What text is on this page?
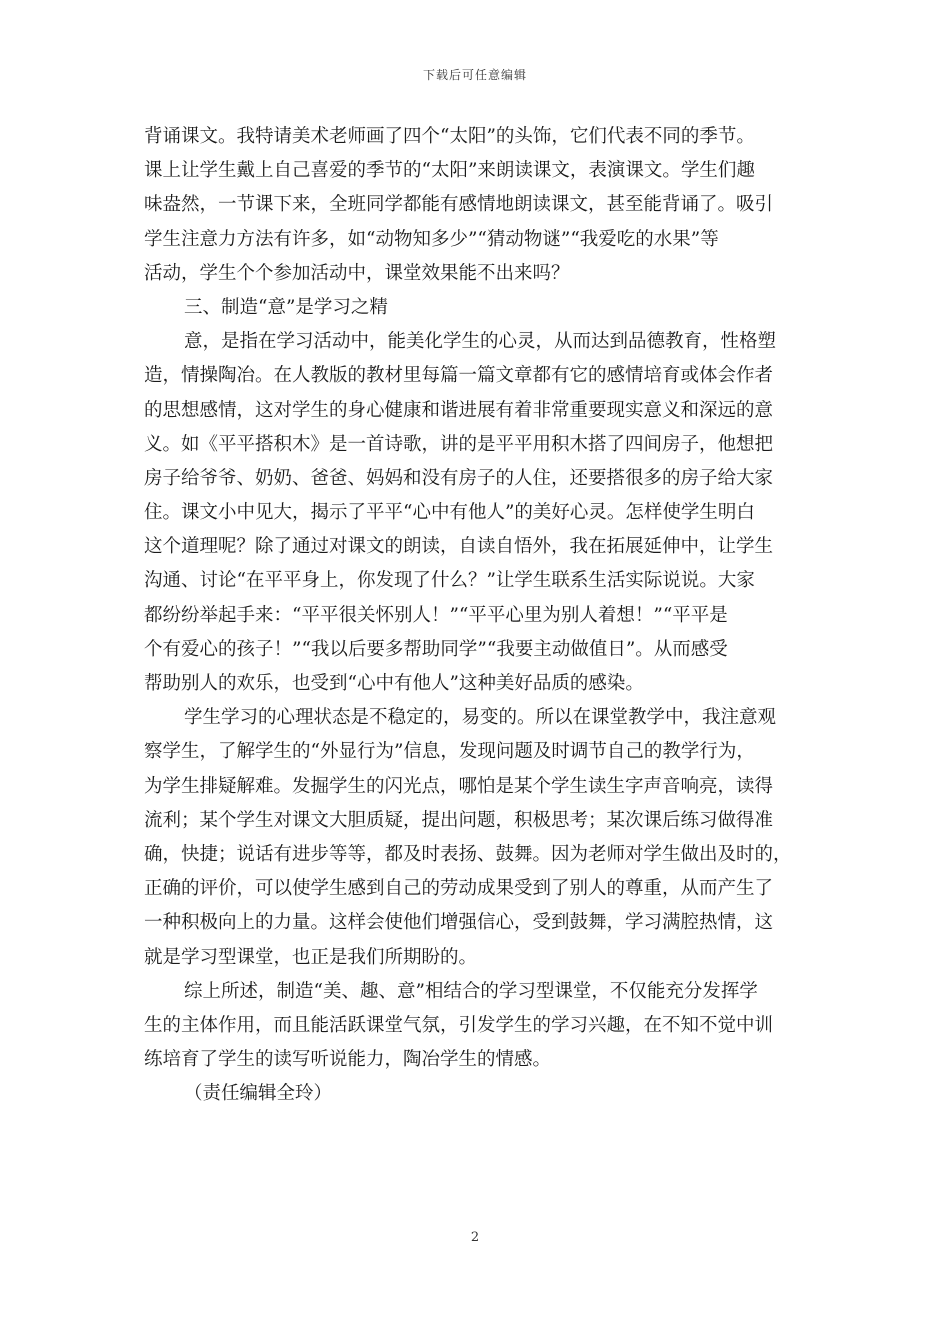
下载后可任意编辑
背诵课文。我特请美术老师画了四个“太阳”的头饰，它们代表不同的季节。
课上让学生戴上自己喜爱的季节的“太阳”来朗读课文，表演课文。学生们趣
味盎然，一节课下来，全班同学都能有感情地朗读课文，甚至能背诵了。吸引
学生注意力方法有许多，如“动物知多少”“猜动物谜”“我爱吃的水果”等
活动，学生个个参加活动中，课堂效果能不出来吗？
三、制造“意”是学习之精
意，是指在学习活动中，能美化学生的心灵，从而达到品德教育，性格塑
造，情操陶冶。在人教版的教材里每篇一篇文章都有它的感情培育或体会作者
的思想感情，这对学生的身心健康和谐进展有着非常重要现实意义和深远的意
义。如《平平搭积木》是一首诗歌，讲的是平平用积木搭了四间房子，他想把
房子给爷爷、奶奶、爸爸、妈妈和没有房子的人住，还要搭很多的房子给大家
住。课文小中见大，揭示了平平“心中有他人”的美好心灵。怎样使学生明白
这个道理呢？除了通过对课文的朗读，自读自悟外，我在拓展延伸中，让学生
沟通、讨论“在平平身上，你发现了什么？”让学生联系生活实际说说。大家
都纷纷举起手来：“平平很关怀别人！”“平平心里为别人着想！”“平平是
个有爱心的孩子！”“我以后要多帮助同学”“我要主动做值日”。从而感受
帮助别人的欢乐，也受到“心中有他人”这种美好品质的感染。
学生学习的心理状态是不稳定的，易变的。所以在课堂教学中，我注意观
察学生，了解学生的“外显行为”信息，发现问题及时调节自己的教学行为，
为学生排疑解难。发掘学生的闪光点，哪怕是某个学生读生字声音响亮，读得
流利；某个学生对课文大胆质疑，提出问题，积极思考；某次课后练习做得准
确，快捷；说话有进步等等，都及时表扬、鼓舞。因为老师对学生做出及时的，
正确的评价，可以使学生感到自己的劳动成果受到了别人的尊重，从而产生了
一种积极向上的力量。这样会使他们增强信心，受到鼓舞，学习满腔热情，这
就是学习型课堂，也正是我们所期盼的。
综上所述，制造“美、趣、意”相结合的学习型课堂，不仅能充分发挥学
生的主体作用，而且能活跃课堂气氛，引发学生的学习兴趣，在不知不觉中训
练培育了学生的读写听说能力，陶冶学生的情感。
（责任编辑全玲）
2
